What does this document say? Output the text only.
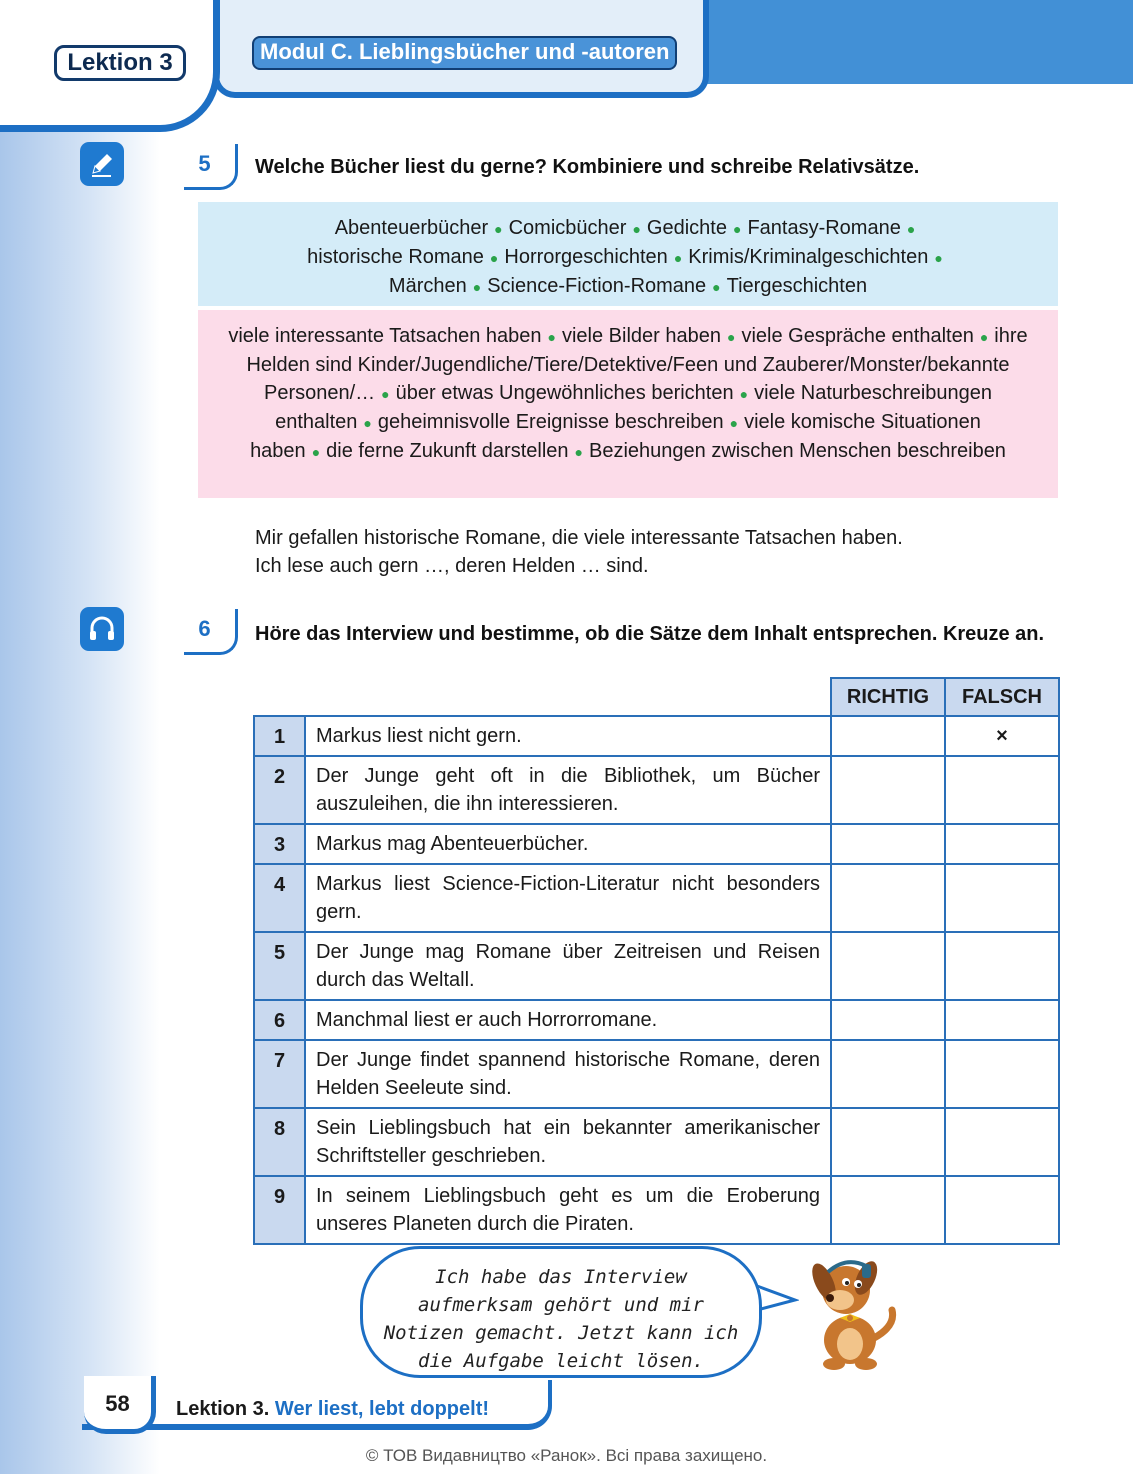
Lektion 3	Modul C. Lieblingsbücher und -autoren
5	Welche Bücher liest du gerne? Kombiniere und schreibe Relativsätze.
Abenteuerbücher ● Comicbücher ● Gedichte ● Fantasy-Romane ●
historische Romane ● Horrorgeschichten ● Krimis/Kriminalgeschichten ●
Märchen ● Science-Fiction-Romane ● Tiergeschichten
viele interessante Tatsachen haben ● viele Bilder haben ● viele Gespräche enthalten ● ihre Helden sind Kinder/Jugendliche/Tiere/Detektive/Feen und Zauberer/Monster/bekannte Personen/… ● über etwas Ungewöhnliches berichten ● viele Naturbeschreibungen enthalten ● geheimnisvolle Ereignisse beschreiben ● viele komische Situationen haben ● die ferne Zukunft darstellen ● Beziehungen zwischen Menschen beschreiben
Mir gefallen historische Romane, die viele interessante Tatsachen haben.
Ich lese auch gern …, deren Helden … sind.
6	Höre das Interview und bestimme, ob die Sätze dem Inhalt entsprechen. Kreuze an.
		RICHTIG	FALSCH
1	Markus liest nicht gern.		×
2	Der Junge geht oft in die Bibliothek, um Bücher auszuleihen, die ihn interessieren.		
3	Markus mag Abenteuerbücher.		
4	Markus liest Science-Fiction-Literatur nicht besonders gern.		
5	Der Junge mag Romane über Zeitreisen und Reisen durch das Weltall.		
6	Manchmal liest er auch Horrorromane.		
7	Der Junge findet spannend historische Romane, deren Helden Seeleute sind.		
8	Sein Lieblingsbuch hat ein bekannter amerikanischer Schriftsteller geschrieben.		
9	In seinem Lieblingsbuch geht es um die Eroberung unseres Planeten durch die Piraten.		
Ich habe das Interview aufmerksam gehört und mir Notizen gemacht. Jetzt kann ich die Aufgabe leicht lösen.
58	Lektion 3. Wer liest, lebt doppelt!
© ТОВ Видавництво «Ранок». Всі права захищено.
